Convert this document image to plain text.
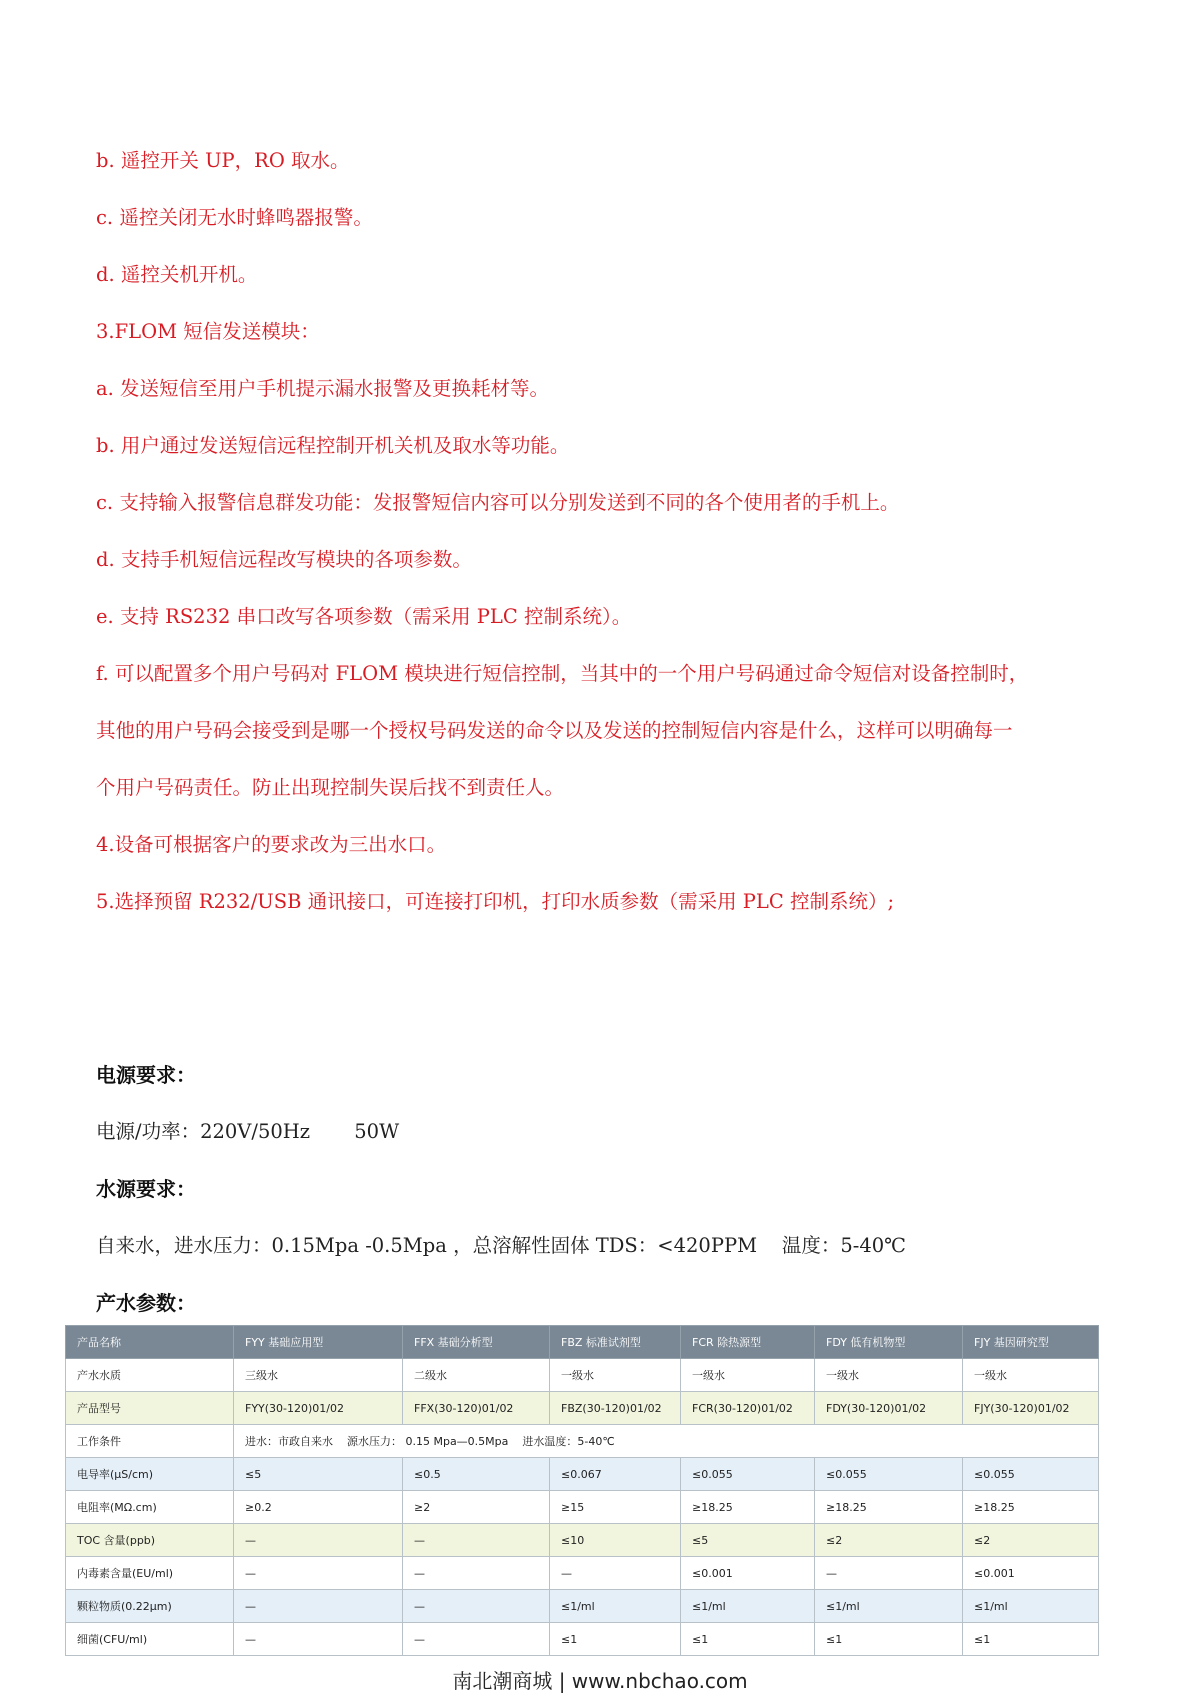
b. 遥控开关 UP，RO 取水。
c. 遥控关闭无水时蜂鸣器报警。
d. 遥控关机开机。
3.FLOM 短信发送模块：
a. 发送短信至用户手机提示漏水报警及更换耗材等。
b. 用户通过发送短信远程控制开机关机及取水等功能。
c. 支持输入报警信息群发功能：发报警短信内容可以分别发送到不同的各个使用者的手机上。
d. 支持手机短信远程改写模块的各项参数。
e. 支持 RS232 串口改写各项参数（需采用 PLC 控制系统）。
f. 可以配置多个用户号码对 FLOM 模块进行短信控制，当其中的一个用户号码通过命令短信对设备控制时，
其他的用户号码会接受到是哪一个授权号码发送的命令以及发送的控制短信内容是什么，这样可以明确每一
个用户号码责任。防止出现控制失误后找不到责任人。
4.设备可根据客户的要求改为三出水口。
5.选择预留 R232/USB 通讯接口，可连接打印机，打印水质参数（需采用 PLC 控制系统）;
电源要求：
电源/功率：220V/50Hz 50W
水源要求：
自来水，进水压力：0.15Mpa -0.5Mpa ，总溶解性固体 TDS：<420PPM    温度：5-40℃
产水参数：
产品名称	FYY 基础应用型	FFX 基础分析型	FBZ 标准试剂型	FCR 除热源型	FDY 低有机物型	FJY 基因研究型
产水水质	三级水	二级水	一级水	一级水	一级水	一级水
产品型号	FYY(30-120)01/02	FFX(30-120)01/02	FBZ(30-120)01/02	FCR(30-120)01/02	FDY(30-120)01/02	FJY(30-120)01/02
工作条件	进水：市政自来水    源水压力： 0.15 Mpa—0.5Mpa    进水温度：5-40℃					
电导率(μS/cm)	≤5	≤0.5	≤0.067	≤0.055	≤0.055	≤0.055
电阻率(MΩ.cm)	≥0.2	≥2	≥15	≥18.25	≥18.25	≥18.25
TOC 含量(ppb)	—	—	≤10	≤5	≤2	≤2
内毒素含量(EU/ml)	—	—	—	≤0.001	—	≤0.001
颗粒物质(0.22μm)	—	—	≤1/ml	≤1/ml	≤1/ml	≤1/ml
细菌(CFU/ml)	—	—	≤1	≤1	≤1	≤1
南北潮商城 | www.nbchao.com
